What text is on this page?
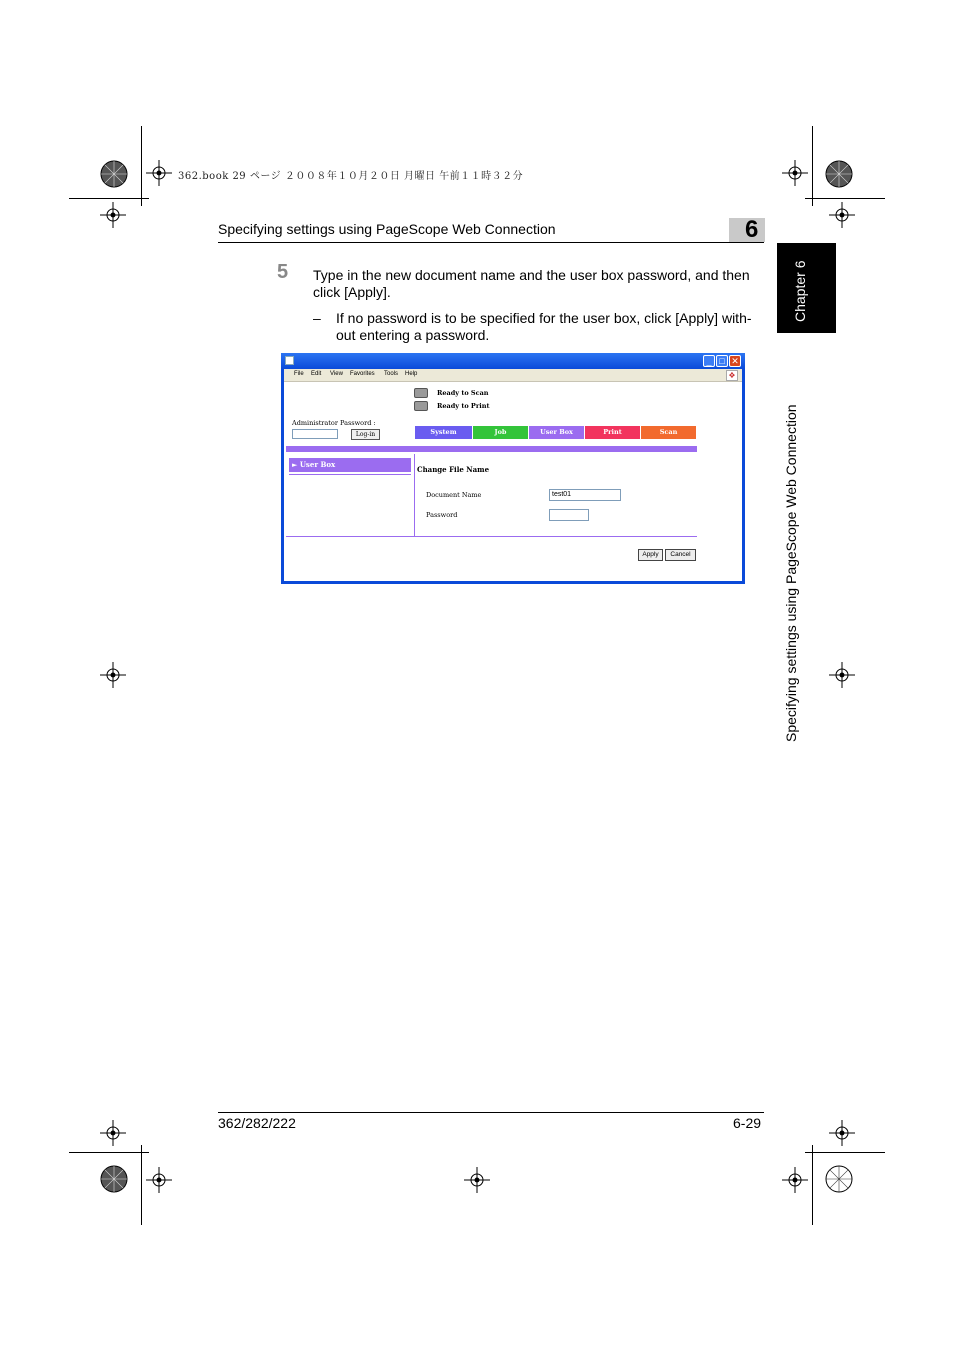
362.book 29 ページ ２００８年１０月２０日 月曜日 午前１１時３２分
Specifying settings using PageScope Web Connection	6
Chapter 6
Specifying settings using PageScope Web Connection
5 Type in the new document name and the user box password, and then click [Apply].
– If no password is to be specified for the user box, click [Apply] with-out entering a password.
_ □ ✕
File Edit View Favorites Tools Help	❖
Ready to Scan
Ready to Print
Administrator Password :
Log-in	System	Job	User Box	Print	Scan
► User Box
Change File Name
Document Name	test01
Password
Apply	Cancel
362/282/222	6-29
